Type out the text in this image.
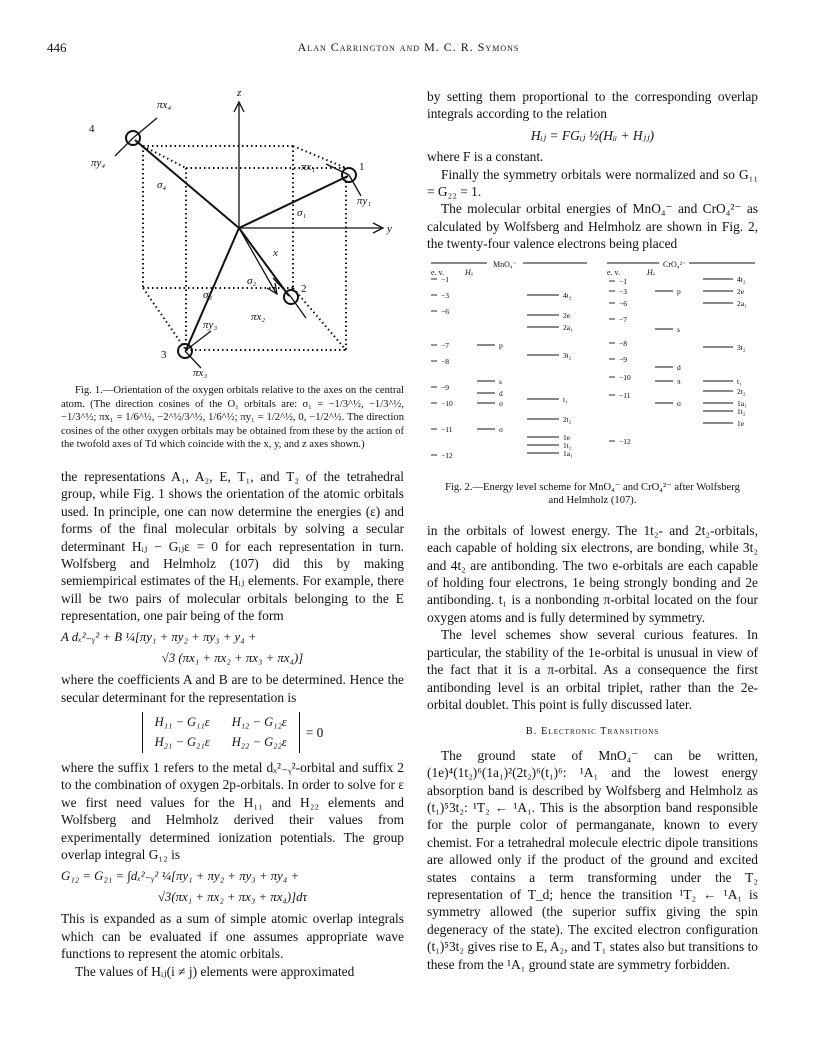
446	Alan Carrington and M. C. R. Symons
πx₄
z
4
πy₄
σ₄
πx₁	1
πy₁
σ₁
y
x
σ₂
σ₃	2
πy₃
πx₂
3
πx₃

Fig. 1.—Orientation of the oxygen orbitals relative to the axes on the central atom. (The direction cosines of the O₁ orbitals are: σ₁ = −1/3^½, −1/3^½, −1/3^½; πx₁ = 1/6^½, −2^½/3^½, 1/6^½; πy₁ = 1/2^½, 0, −1/2^½. The direction cosines of the other oxygen orbitals may be obtained from these by the action of the twofold axes of Td which coincide with the x, y, and z axes shown.)

the representations A₁, A₂, E, T₁, and T₂ of the tetrahedral group, while Fig. 1 shows the orientation of the atomic orbitals used. In principle, one can now determine the energies (ε) and forms of the final molecular orbitals by solving a secular determinant Hᵢⱼ − Gᵢⱼε = 0 for each representation in turn. Wolfsberg and Helmholz (107) did this by making semiempirical estimates of the Hᵢⱼ elements. For example, there will be two pairs of molecular orbitals belonging to the E representation, one pair being of the form

A dₓ²₋ᵧ² + B ¼[πy₁ + πy₂ + πy₃ + y₄ +

√3 (πx₁ + πx₂ + πx₃ + πx₄)]

where the coefficients A and B are to be determined. Hence the secular determinant for the representation is

H₁₁ − G₁₁ε	H₁₂ − G₁₂ε
H₂₁ − G₂₁ε	H₂₂ − G₂₂ε
= 0

where the suffix 1 refers to the metal dₓ²₋ᵧ²-orbital and suffix 2 to the combination of oxygen 2p-orbitals. In order to solve for ε we first need values for the H₁₁ and H₂₂ elements and Wolfsberg and Helmholz derived their values from experimentally determined ionization potentials. The group overlap integral G₁₂ is

G₁₂ = G₂₁ = ∫dₓ²₋ᵧ² ¼[πy₁ + πy₂ + πy₃ + πy₄ +

√3(πx₁ + πx₂ + πx₃ + πx₄)]dτ

This is expanded as a sum of simple atomic overlap integrals which can be evaluated if one assumes appropriate wave functions to represent the atomic orbitals.

The values of Hᵢⱼ(i ≠ j) elements were approximated

by setting them proportional to the corresponding overlap integrals according to the relation

Hᵢⱼ = FGᵢⱼ ½(Hᵢᵢ + Hⱼⱼ)

where F is a constant.

Finally the symmetry orbitals were normalized and so G₁₁ = G₂₂ = 1.

The molecular orbital energies of MnO₄⁻ and CrO₄²⁻ as calculated by Wolfsberg and Helmholz are shown in Fig. 2, the twenty-four valence electrons being placed

MnO₄⁻	CrO₄²⁻
e. v.	Hᵢᵢ	e. v.	Hᵢᵢ
−1
−3
−6
−7
−8
−9
−10
−11
−12
p
s
d
σ
σ
4t₂
2e
2a₁
3t₂
t₁
2t₂
1e
1t₂
1a₁
−1
−3
−6
−7
−8
−9
−10
−11
−12
p
s
d
π
σ
4t₂
2e
2a₁
3t₂
t₁
2t₂
1a₁
1t₂
1e

Fig. 2.—Energy level scheme for MnO₄⁻ and CrO₄²⁻ after Wolfsberg and Helmholz (107).

in the orbitals of lowest energy. The 1t₂- and 2t₂-orbitals, each capable of holding six electrons, are bonding, while 3t₂ and 4t₂ are antibonding. The two e-orbitals are each capable of holding four electrons, 1e being strongly bonding and 2e antibonding. t₁ is a nonbonding π-orbital located on the four oxygen atoms and is fully determined by symmetry.

The level schemes show several curious features. In particular, the stability of the 1e-orbital is unusual in view of the fact that it is a π-orbital. As a consequence the first antibonding level is an orbital triplet, rather than the 2e-orbital doublet. This point is fully discussed later.

B. Electronic Transitions

The ground state of MnO₄⁻ can be written, (1e)⁴(1t₂)⁶(1a₁)²(2t₂)⁶(t₁)⁶: ¹A₁ and the lowest energy absorption band is described by Wolfsberg and Helmholz as (t₁)⁵3t₂: ¹T₂ ← ¹A₁. This is the absorption band responsible for the purple color of permanganate, known to every chemist. For a tetrahedral molecule electric dipole transitions are allowed only if the product of the ground and excited states contains a term transforming under the T₂ representation of T_d; hence the transition ¹T₂ ← ¹A₁ is symmetry allowed (the superior suffix giving the spin degeneracy of the state). The excited electron configuration (t₁)⁵3t₂ gives rise to E, A₂, and T₁ states also but transitions to these from the ¹A₁ ground state are symmetry forbidden.
